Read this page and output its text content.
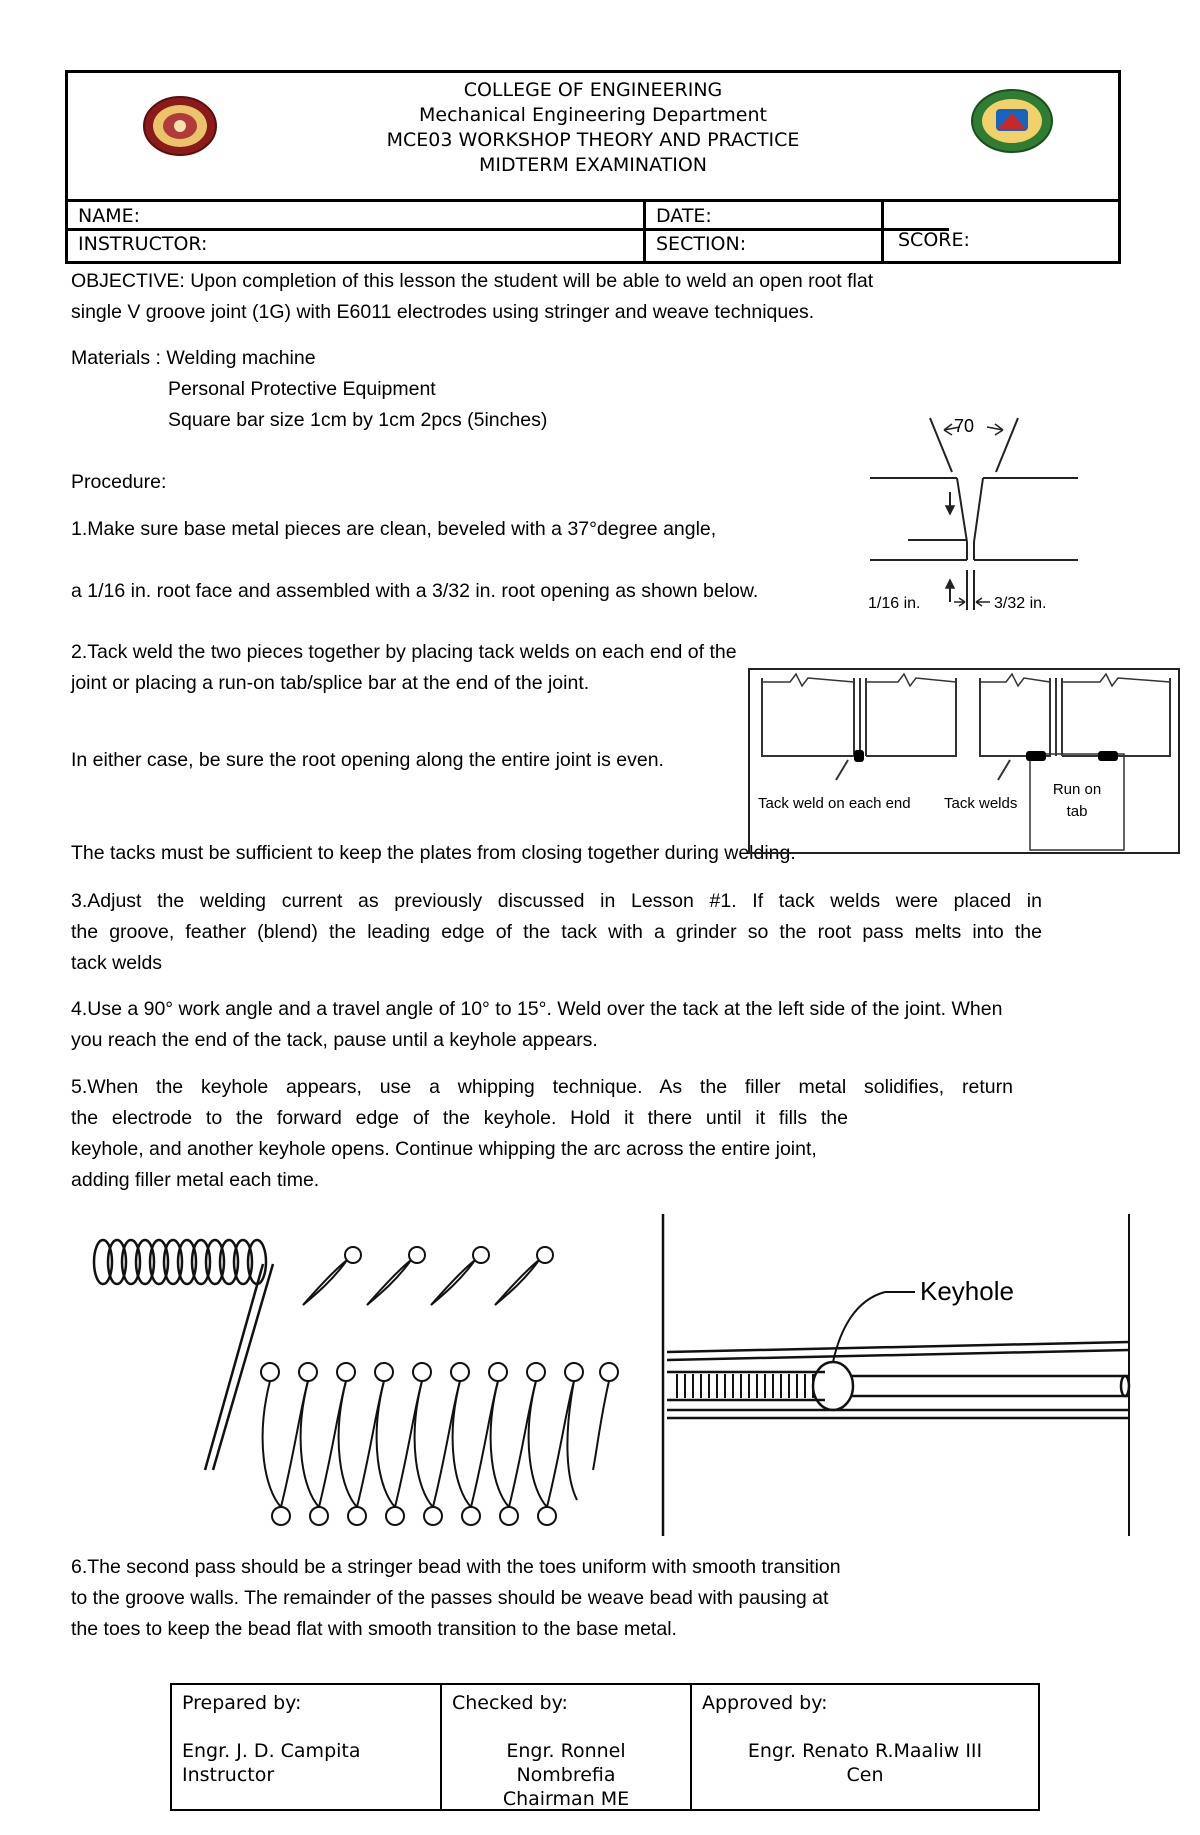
COLLEGE OF ENGINEERING
Mechanical Engineering Department
MCE03 WORKSHOP THEORY AND PRACTICE
MIDTERM EXAMINATION
NAME:	DATE:
INSTRUCTOR:	SECTION:	SCORE:
OBJECTIVE: Upon completion of this lesson the student will be able to weld an open root flat
single V groove joint (1G) with E6011 electrodes using stringer and weave techniques.
Materials : Welding machine
Personal Protective Equipment
Square bar size 1cm by 1cm 2pcs (5inches)
Procedure:
1.Make sure base metal pieces are clean, beveled with a 37°degree angle,
a 1/16 in. root face and assembled with a 3/32 in. root opening as shown below.
2.Tack weld the two pieces together by placing tack welds on each end of the
joint or placing a run-on tab/splice bar at the end of the joint.
In either case, be sure the root opening along the entire joint is even.
The tacks must be sufficient to keep the plates from closing together during welding.
3.Adjust the welding current as previously discussed in Lesson #1. If tack welds were placed in
the groove, feather (blend) the leading edge of the tack with a grinder so the root pass melts into the
tack welds
4.Use a 90° work angle and a travel angle of 10° to 15°. Weld over the tack at the left side of the joint. When
you reach the end of the tack, pause until a keyhole appears.
5.When the keyhole appears, use a whipping technique. As the filler metal solidifies, return
the electrode to the forward edge of the keyhole. Hold it there until it fills the
keyhole, and another keyhole opens. Continue whipping the arc across the entire joint,
adding filler metal each time.
6.The second pass should be a stringer bead with the toes uniform with smooth transition
to the groove walls. The remainder of the passes should be weave bead with pausing at
the toes to keep the bead flat with smooth transition to the base metal.
70
1/16 in.	3/32 in.
Tack weld on each end Tack welds
Run on
tab
Keyhole
Prepared by:
Engr. J. D. Campita
Instructor
Checked by:
Engr. Ronnel
Nombrefia
Chairman ME
Approved by:
Engr. Renato R.Maaliw III
Cen
